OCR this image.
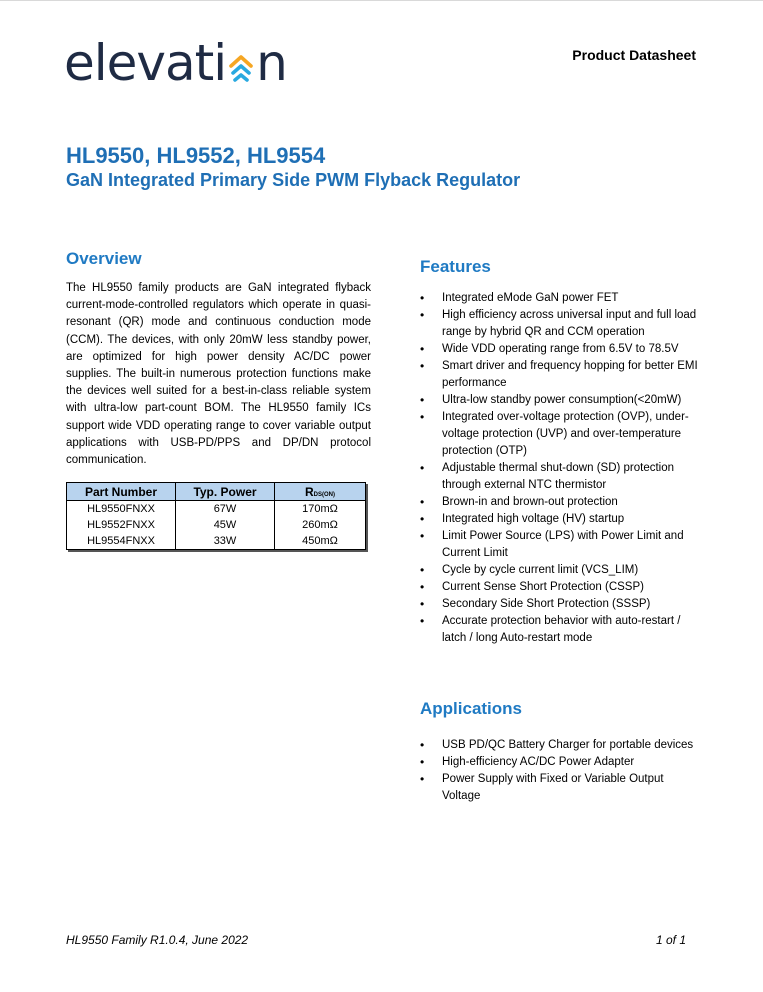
elevati n	Product Datasheet
HL9550, HL9552, HL9554
GaN Integrated Primary Side PWM Flyback Regulator
Overview
The HL9550 family products are GaN integrated flyback current-mode-controlled regulators which operate in quasi-resonant (QR) mode and continuous conduction mode (CCM). The devices, with only 20mW less standby power, are optimized for high power density AC/DC power supplies. The built-in numerous protection functions make the devices well suited for a best-in-class reliable system with ultra-low part-count BOM. The HL9550 family ICs support wide VDD operating range to cover variable output applications with USB-PD/PPS and DP/DN protocol communication.
Part Number	Typ. Power	RDS(ON)
HL9550FNXX	67W	170mΩ
HL9552FNXX	45W	260mΩ
HL9554FNXX	33W	450mΩ
Features
• Integrated eMode GaN power FET
• High efficiency across universal input and full load range by hybrid QR and CCM operation
• Wide VDD operating range from 6.5V to 78.5V
• Smart driver and frequency hopping for better EMI performance
• Ultra-low standby power consumption(<20mW)
• Integrated over-voltage protection (OVP), under-voltage protection (UVP) and over-temperature protection (OTP)
• Adjustable thermal shut-down (SD) protection through external NTC thermistor
• Brown-in and brown-out protection
• Integrated high voltage (HV) startup
• Limit Power Source (LPS) with Power Limit and Current Limit
• Cycle by cycle current limit (VCS_LIM)
• Current Sense Short Protection (CSSP)
• Secondary Side Short Protection (SSSP)
• Accurate protection behavior with auto-restart / latch / long Auto-restart mode
Applications
• USB PD/QC Battery Charger for portable devices
• High-efficiency AC/DC Power Adapter
• Power Supply with Fixed or Variable Output Voltage
HL9550 Family R1.0.4, June 2022	1 of 1
